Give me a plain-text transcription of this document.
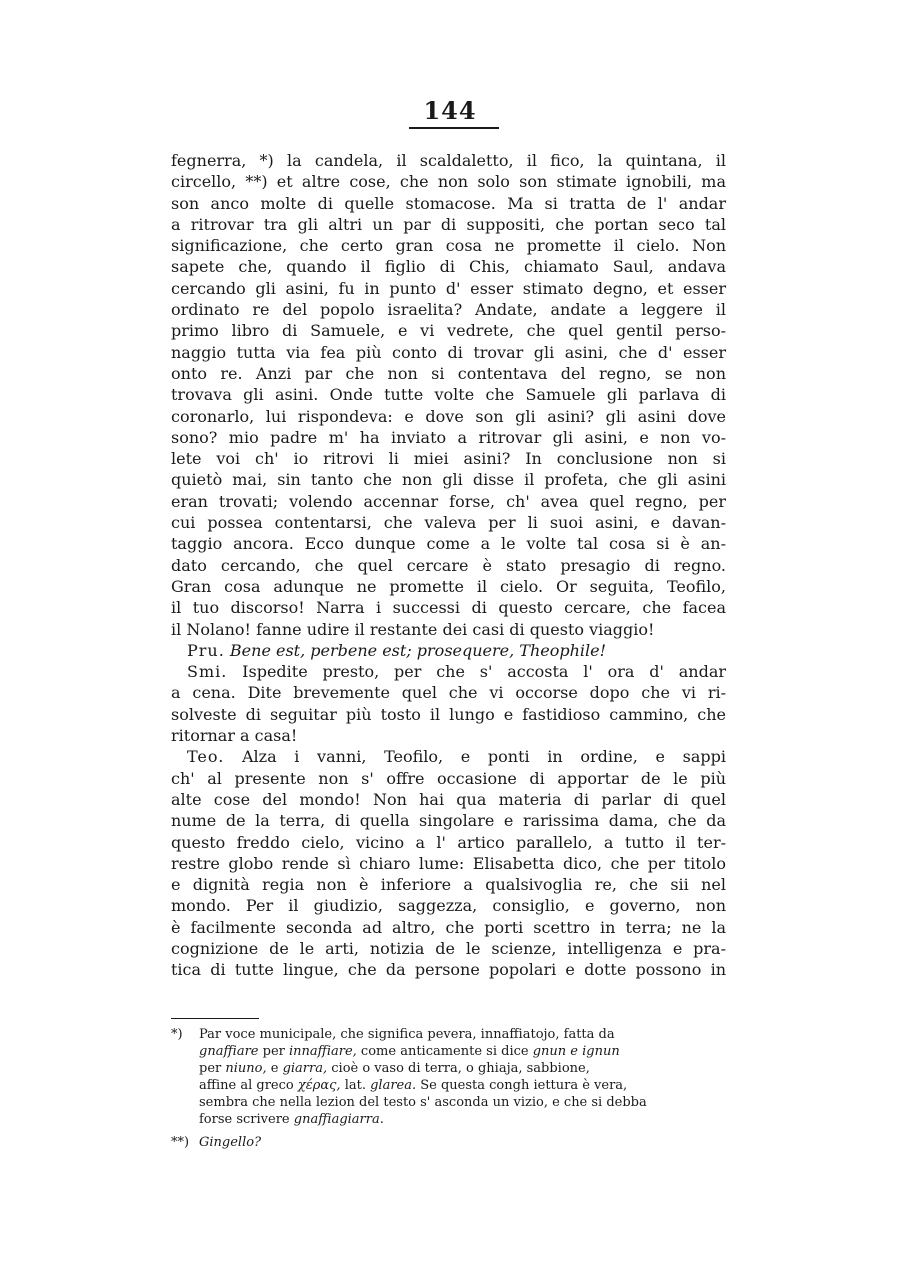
144
fegnerra, *) la candela, il scaldaletto, il fico, la quintana, il
circello, **) et altre cose, che non solo son stimate ignobili, ma
son anco molte di quelle stomacose. Ma si tratta de l' andar
a ritrovar tra gli altri un par di suppositi, che portan seco tal
significazione, che certo gran cosa ne promette il cielo. Non
sapete che, quando il figlio di Chis, chiamato Saul, andava
cercando gli asini, fu in punto d' esser stimato degno, et esser
ordinato re del popolo israelita? Andate, andate a leggere il
primo libro di Samuele, e vi vedrete, che quel gentil perso-
naggio tutta via fea più conto di trovar gli asini, che d' esser
onto re. Anzi par che non si contentava del regno, se non
trovava gli asini. Onde tutte volte che Samuele gli parlava di
coronarlo, lui rispondeva: e dove son gli asini? gli asini dove
sono? mio padre m' ha inviato a ritrovar gli asini, e non vo-
lete voi ch' io ritrovi li miei asini? In conclusione non si
quietò mai, sin tanto che non gli disse il profeta, che gli asini
eran trovati; volendo accennar forse, ch' avea quel regno, per
cui possea contentarsi, che valeva per li suoi asini, e davan-
taggio ancora. Ecco dunque come a le volte tal cosa si è an-
dato cercando, che quel cercare è stato presagio di regno.
Gran cosa adunque ne promette il cielo. Or seguita, Teofilo,
il tuo discorso! Narra i successi di questo cercare, che facea
il Nolano! fanne udire il restante dei casi di questo viaggio!
Pru. Bene est, perbene est; prosequere, Theophile!
Smi. Ispedite presto, per che s' accosta l' ora d' andar
a cena. Dite brevemente quel che vi occorse dopo che vi ri-
solveste di seguitar più tosto il lungo e fastidioso cammino, che
ritornar a casa!
Teo. Alza i vanni, Teofilo, e ponti in ordine, e sappi
ch' al presente non s' offre occasione di apportar de le più
alte cose del mondo! Non hai qua materia di parlar di quel
nume de la terra, di quella singolare e rarissima dama, che da
questo freddo cielo, vicino a l' artico parallelo, a tutto il ter-
restre globo rende sì chiaro lume: Elisabetta dico, che per titolo
e dignità regia non è inferiore a qualsivoglia re, che sii nel
mondo. Per il giudizio, saggezza, consiglio, e governo, non
è facilmente seconda ad altro, che porti scettro in terra; ne la
cognizione de le arti, notizia de le scienze, intelligenza e pra-
tica di tutte lingue, che da persone popolari e dotte possono in
*) Par voce municipale, che significa pevera, innaffiatojo, fatta da
gnaffiare per innaffiare, come anticamente si dice gnun e ignun
per niuno, e giarra, cioè o vaso di terra, o ghiaja, sabbione,
affine al greco χέρας, lat. glarea. Se questa congh iettura è vera,
sembra che nella lezion del testo s' asconda un vizio, e che si debba
forse scrivere gnaffiagiarra.
**) Gingello?
